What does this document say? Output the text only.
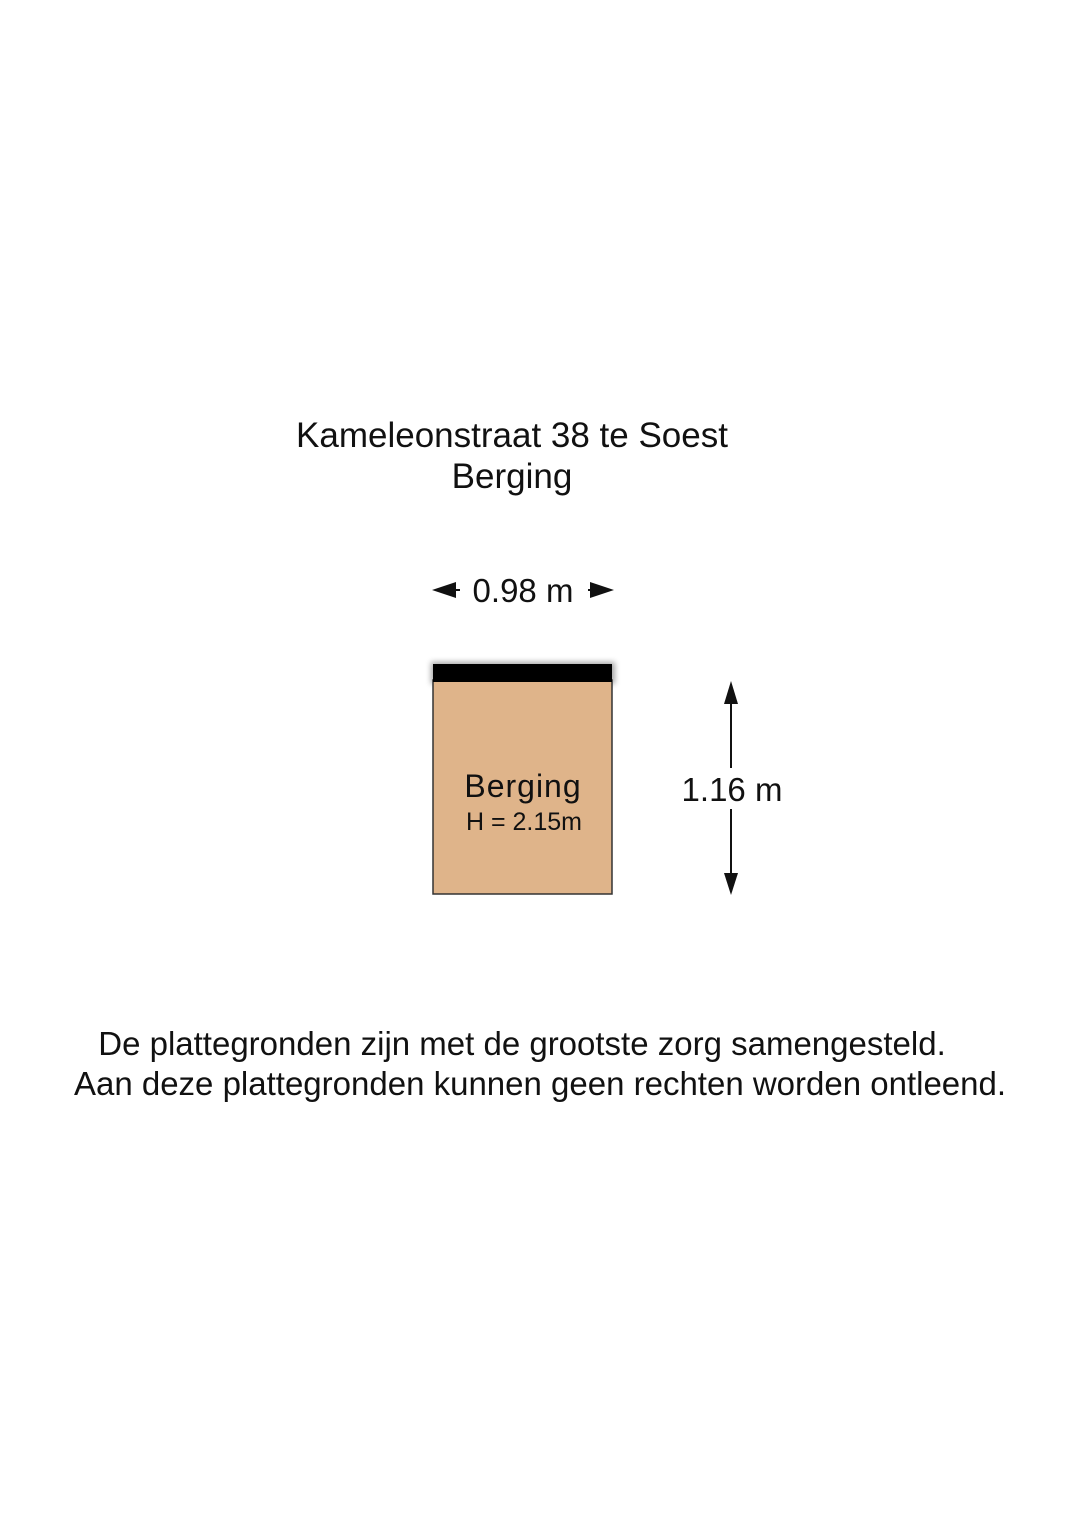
Kameleonstraat 38 te Soest
Berging
0.98 m
Berging
H = 2.15m
1.16 m
De plattegronden zijn met de grootste zorg samengesteld.
Aan deze plattegronden kunnen geen rechten worden ontleend.
